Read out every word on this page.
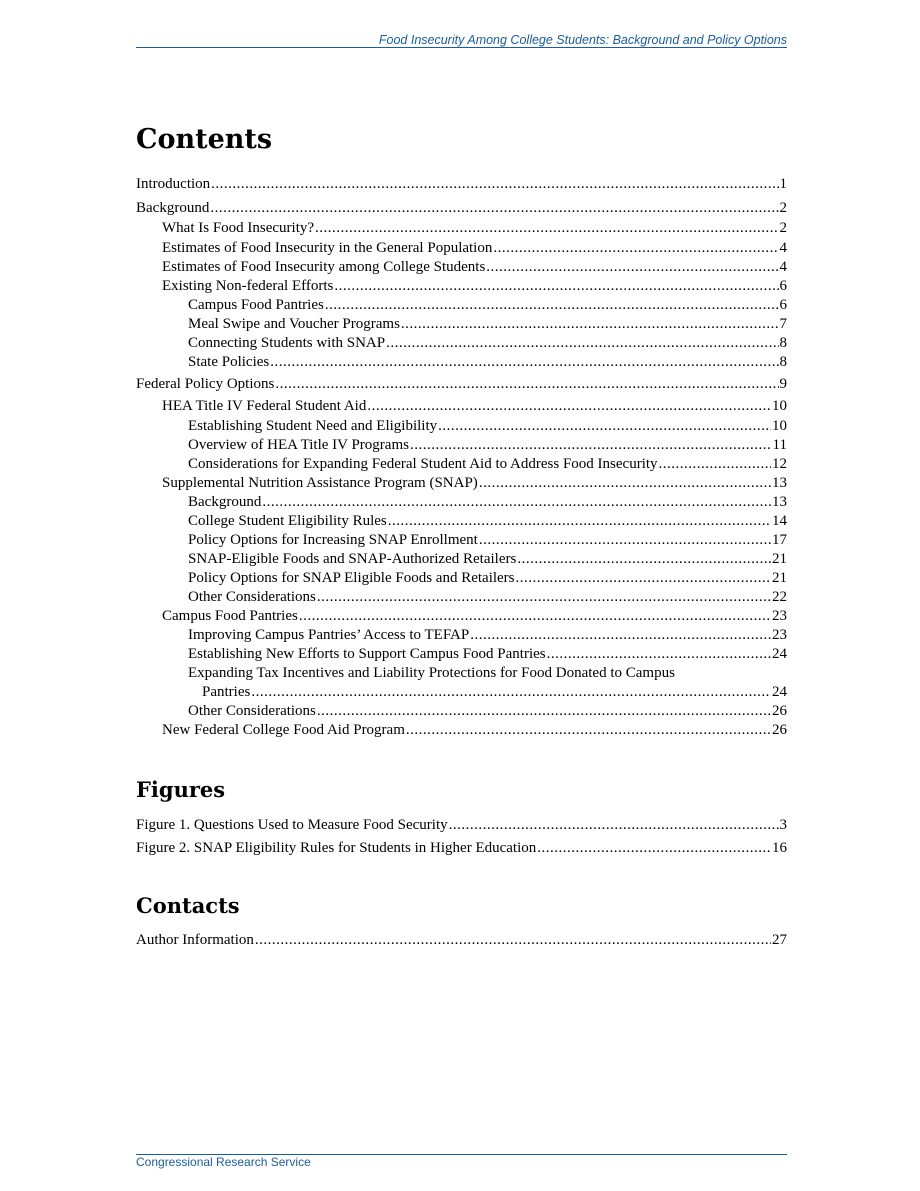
Food Insecurity Among College Students: Background and Policy Options
Contents
Introduction .....	1
Background .....	2
What Is Food Insecurity? .....	2
Estimates of Food Insecurity in the General Population .....	4
Estimates of Food Insecurity among College Students .....	4
Existing Non-federal Efforts .....	6
Campus Food Pantries .....	6
Meal Swipe and Voucher Programs .....	7
Connecting Students with SNAP .....	8
State Policies .....	8
Federal Policy Options .....	9
HEA Title IV Federal Student Aid .....	10
Establishing Student Need and Eligibility .....	10
Overview of HEA Title IV Programs .....	11
Considerations for Expanding Federal Student Aid to Address Food Insecurity .....	12
Supplemental Nutrition Assistance Program (SNAP) .....	13
Background .....	13
College Student Eligibility Rules .....	14
Policy Options for Increasing SNAP Enrollment .....	17
SNAP-Eligible Foods and SNAP-Authorized Retailers .....	21
Policy Options for SNAP Eligible Foods and Retailers .....	21
Other Considerations .....	22
Campus Food Pantries .....	23
Improving Campus Pantries’ Access to TEFAP .....	23
Establishing New Efforts to Support Campus Food Pantries .....	24
Expanding Tax Incentives and Liability Protections for Food Donated to Campus
Pantries .....	24
Other Considerations .....	26
New Federal College Food Aid Program .....	26
Figures
Figure 1. Questions Used to Measure Food Security .....	3
Figure 2. SNAP Eligibility Rules for Students in Higher Education .....	16
Contacts
Author Information .....	27
Congressional Research Service
